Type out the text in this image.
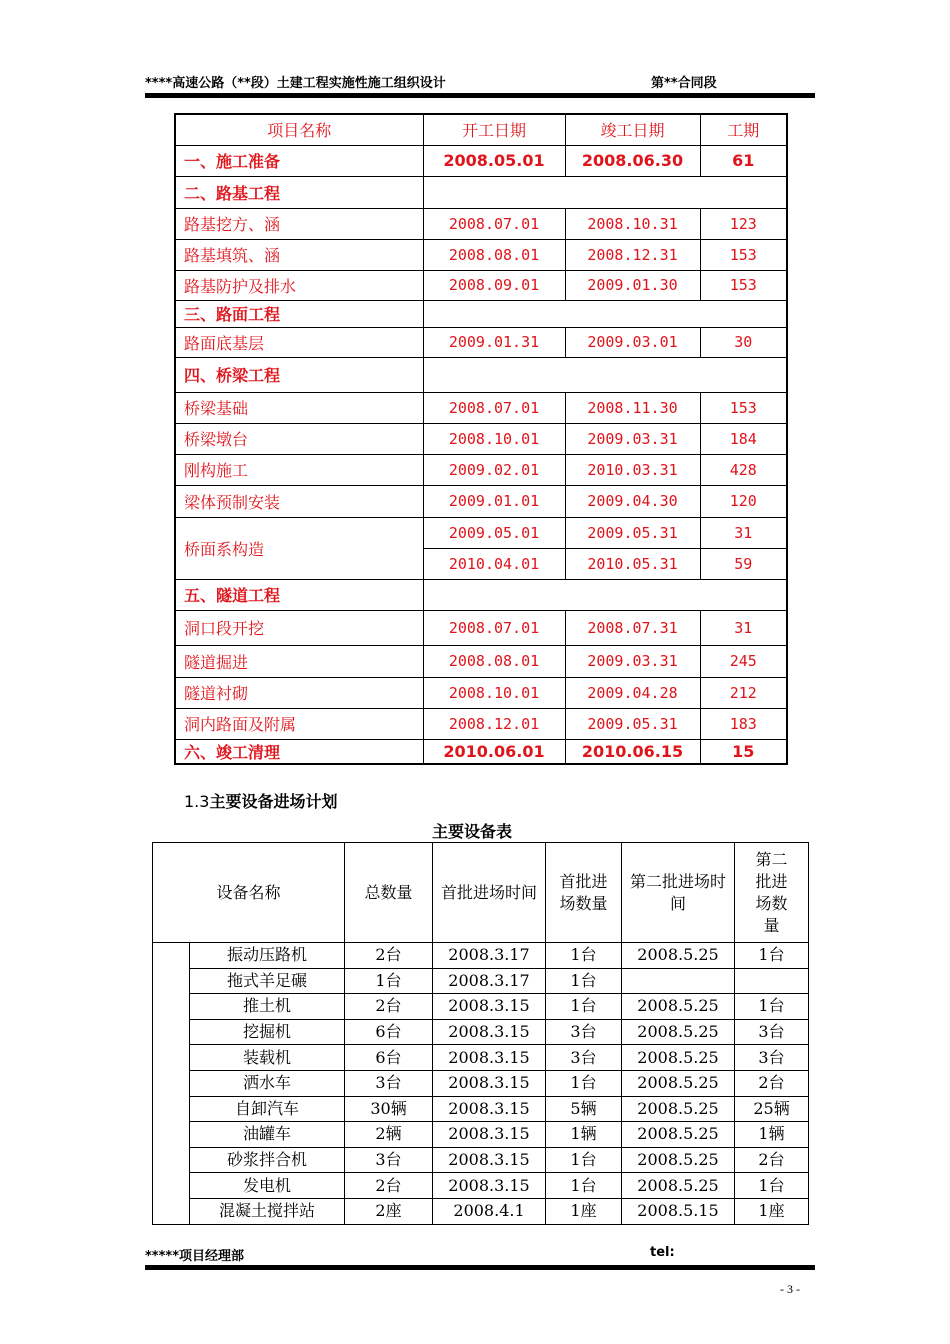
****高速公路（**段）土建工程实施性施工组织设计	第**合同段
项目名称	开工日期	竣工日期	工期
一、施工准备	2008.05.01	2008.06.30	61
二、路基工程			
路基挖方、涵	2008.07.01	2008.10.31	123
路基填筑、涵	2008.08.01	2008.12.31	153
路基防护及排水	2008.09.01	2009.01.30	153
三、路面工程			
路面底基层	2009.01.31	2009.03.01	30
四、桥梁工程			
桥梁基础	2008.07.01	2008.11.30	153
桥梁墩台	2008.10.01	2009.03.31	184
刚构施工	2009.02.01	2010.03.31	428
梁体预制安装	2009.01.01	2009.04.30	120
桥面系构造	2009.05.01	2009.05.31	31
	2010.04.01	2010.05.31	59
五、隧道工程			
洞口段开挖	2008.07.01	2008.07.31	31
隧道掘进	2008.08.01	2009.03.31	245
隧道衬砌	2008.10.01	2009.04.28	212
洞内路面及附属	2008.12.01	2009.05.31	183
六、竣工清理	2010.06.01	2010.06.15	15
1.3主要设备进场计划
主要设备表
设备名称		总数量	首批进场时间	首批进场数量	第二批进场时间	第二批进场数量
	振动压路机	2台	2008.3.17	1台	2008.5.25	1台
	拖式羊足碾	1台	2008.3.17	1台		
	推土机	2台	2008.3.15	1台	2008.5.25	1台
	挖掘机	6台	2008.3.15	3台	2008.5.25	3台
	装载机	6台	2008.3.15	3台	2008.5.25	3台
	洒水车	3台	2008.3.15	1台	2008.5.25	2台
	自卸汽车	30辆	2008.3.15	5辆	2008.5.25	25辆
	油罐车	2辆	2008.3.15	1辆	2008.5.25	1辆
	砂浆拌合机	3台	2008.3.15	1台	2008.5.25	2台
	发电机	2台	2008.3.15	1台	2008.5.25	1台
	混凝土搅拌站	2座	2008.4.1	1座	2008.5.15	1座
*****项目经理部	tel:
- 3 -
